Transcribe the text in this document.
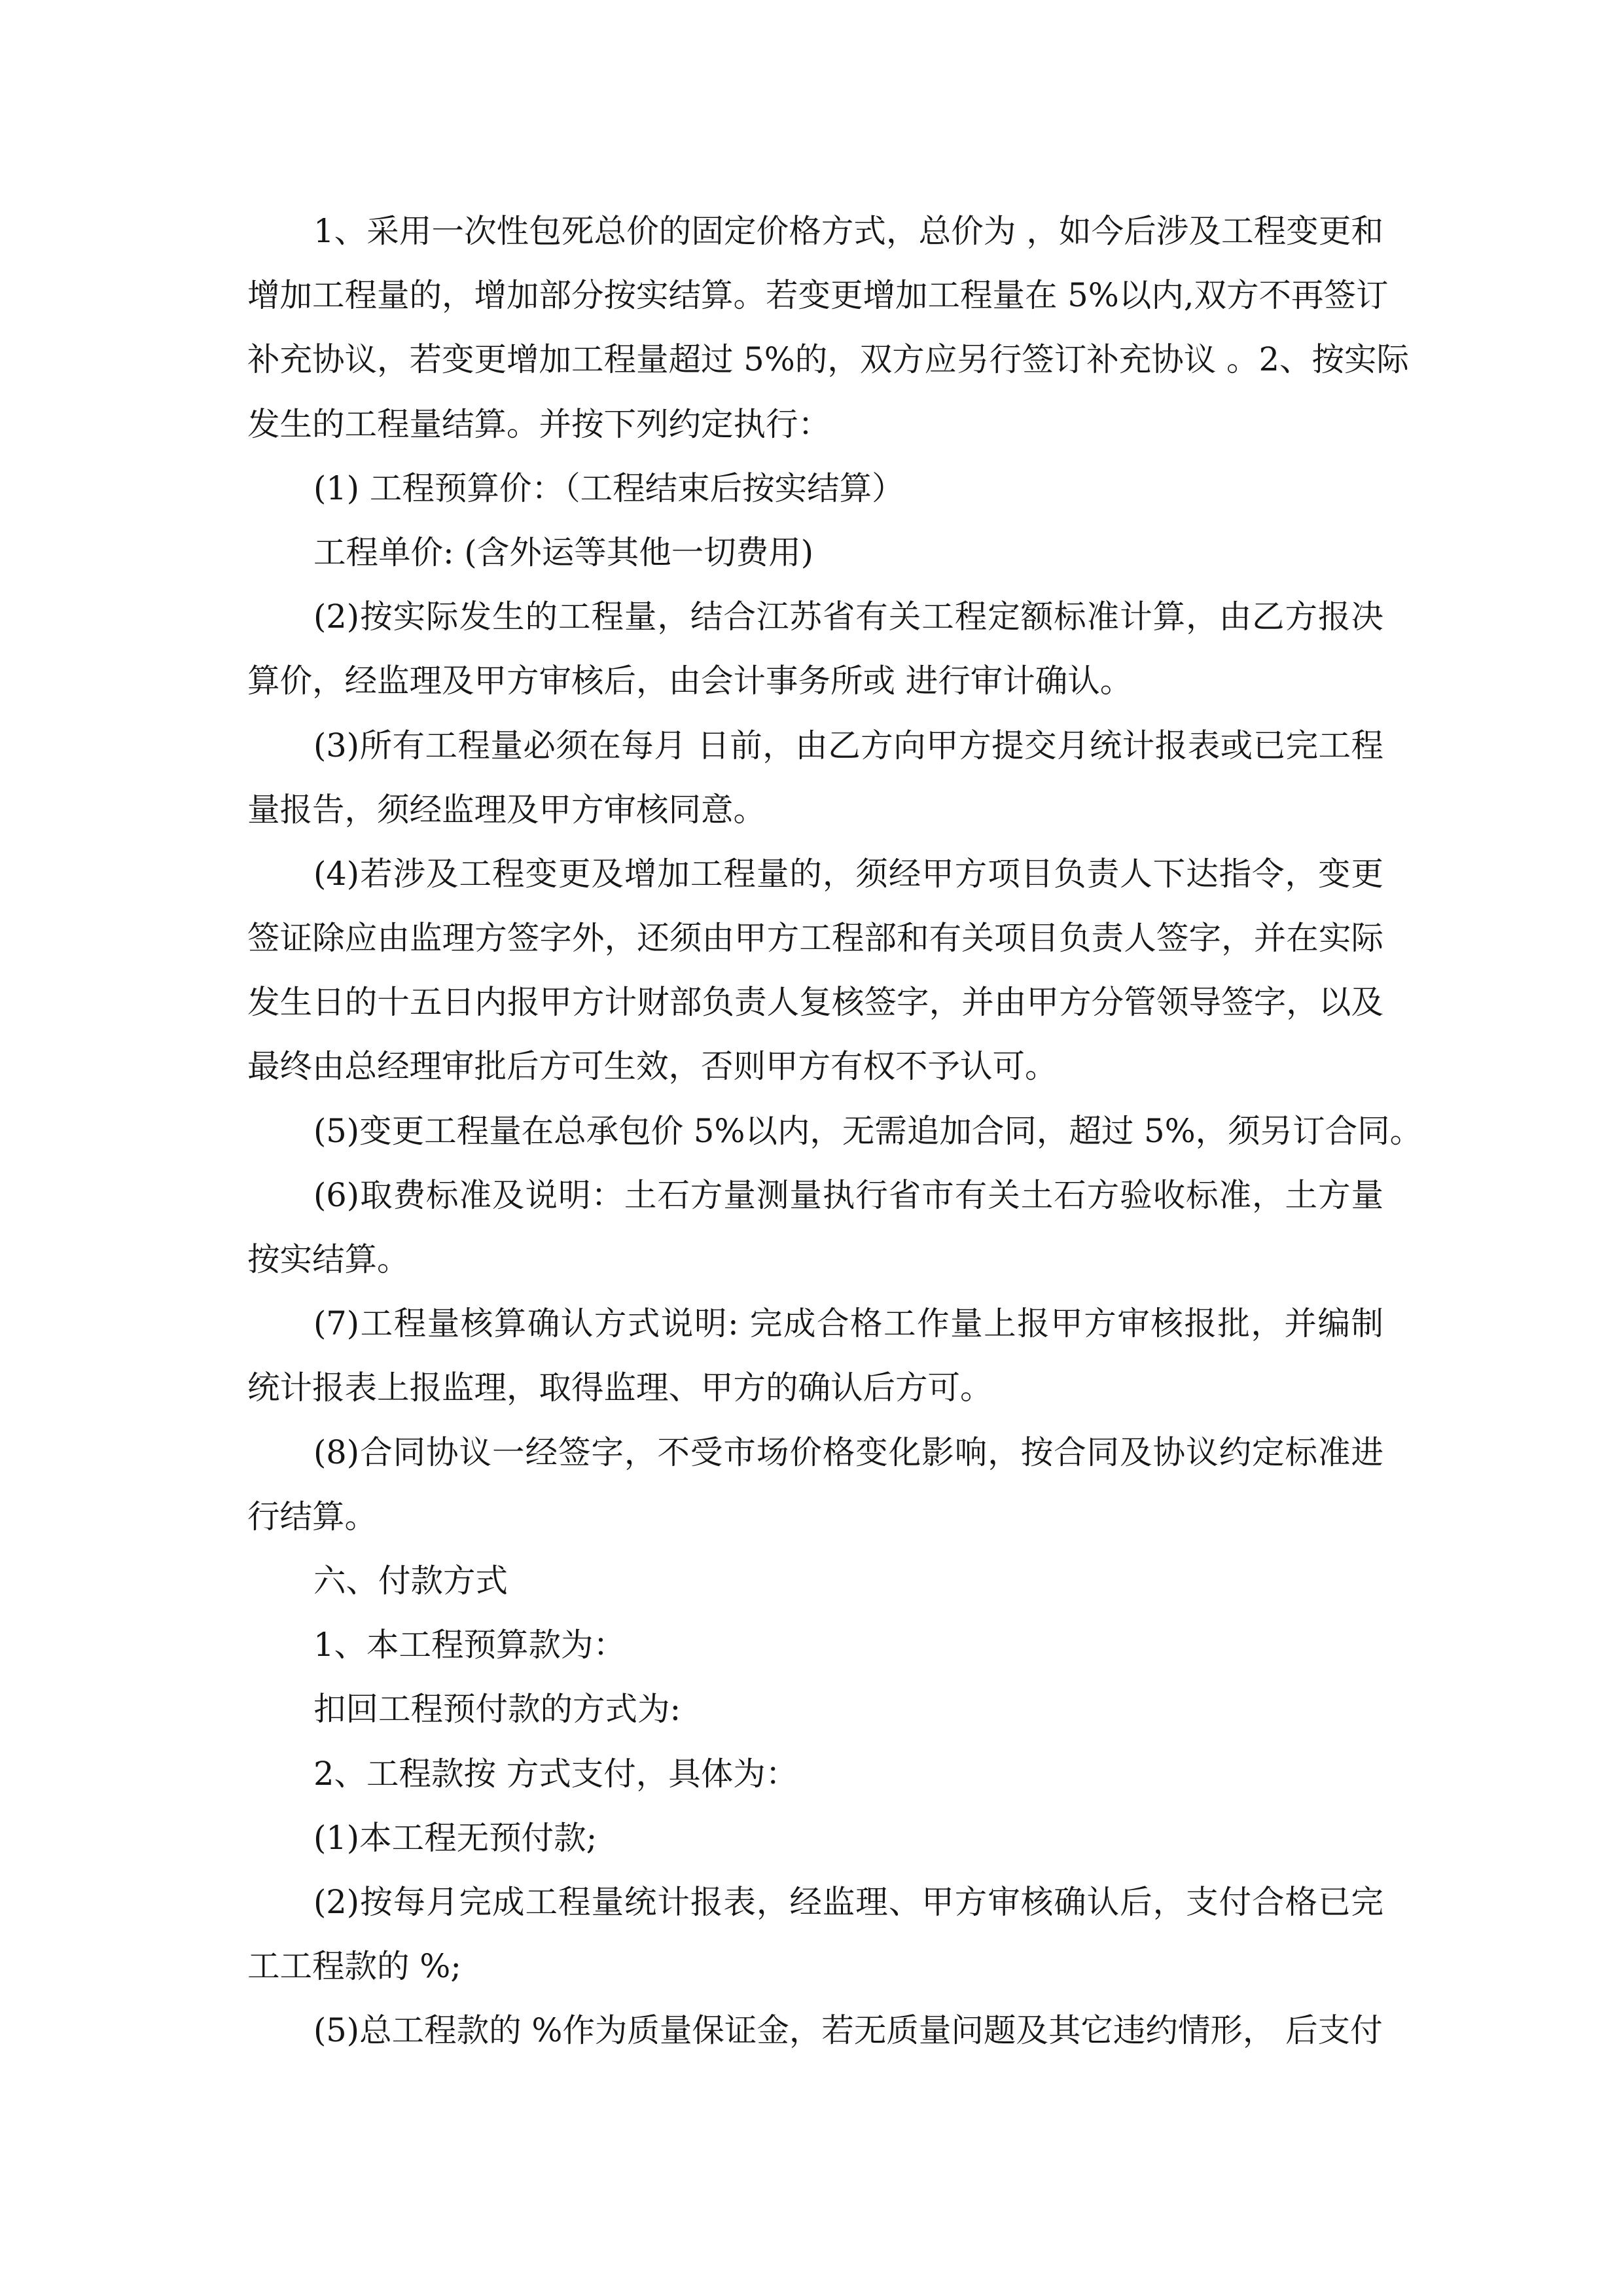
1、采用一次性包死总价的固定价格方式，总价为 ，如今后涉及工程变更和
增加工程量的，增加部分按实结算。若变更增加工程量在 5%以内,双方不再签订
补充协议，若变更增加工程量超过 5%的，双方应另行签订补充协议 。2、按实际
发生的工程量结算。并按下列约定执行：
(1) 工程预算价：（工程结束后按实结算）
工程单价: (含外运等其他一切费用)
(2)按实际发生的工程量，结合江苏省有关工程定额标准计算，由乙方报决
算价，经监理及甲方审核后，由会计事务所或 进行审计确认。
(3)所有工程量必须在每月 日前，由乙方向甲方提交月统计报表或已完工程
量报告，须经监理及甲方审核同意。
(4)若涉及工程变更及增加工程量的，须经甲方项目负责人下达指令，变更
签证除应由监理方签字外，还须由甲方工程部和有关项目负责人签字，并在实际
发生日的十五日内报甲方计财部负责人复核签字，并由甲方分管领导签字，以及
最终由总经理审批后方可生效，否则甲方有权不予认可。
(5)变更工程量在总承包价 5%以内，无需追加合同，超过 5%，须另订合同。
(6)取费标准及说明：土石方量测量执行省市有关土石方验收标准，土方量
按实结算。
(7)工程量核算确认方式说明: 完成合格工作量上报甲方审核报批，并编制
统计报表上报监理，取得监理、甲方的确认后方可。
(8)合同协议一经签字，不受市场价格变化影响，按合同及协议约定标准进
行结算。
六、付款方式
1、本工程预算款为：
扣回工程预付款的方式为:
2、工程款按 方式支付，具体为：
(1)本工程无预付款;
(2)按每月完成工程量统计报表，经监理、甲方审核确认后，支付合格已完
工工程款的 %;
(5)总工程款的 %作为质量保证金，若无质量问题及其它违约情形， 后支付
